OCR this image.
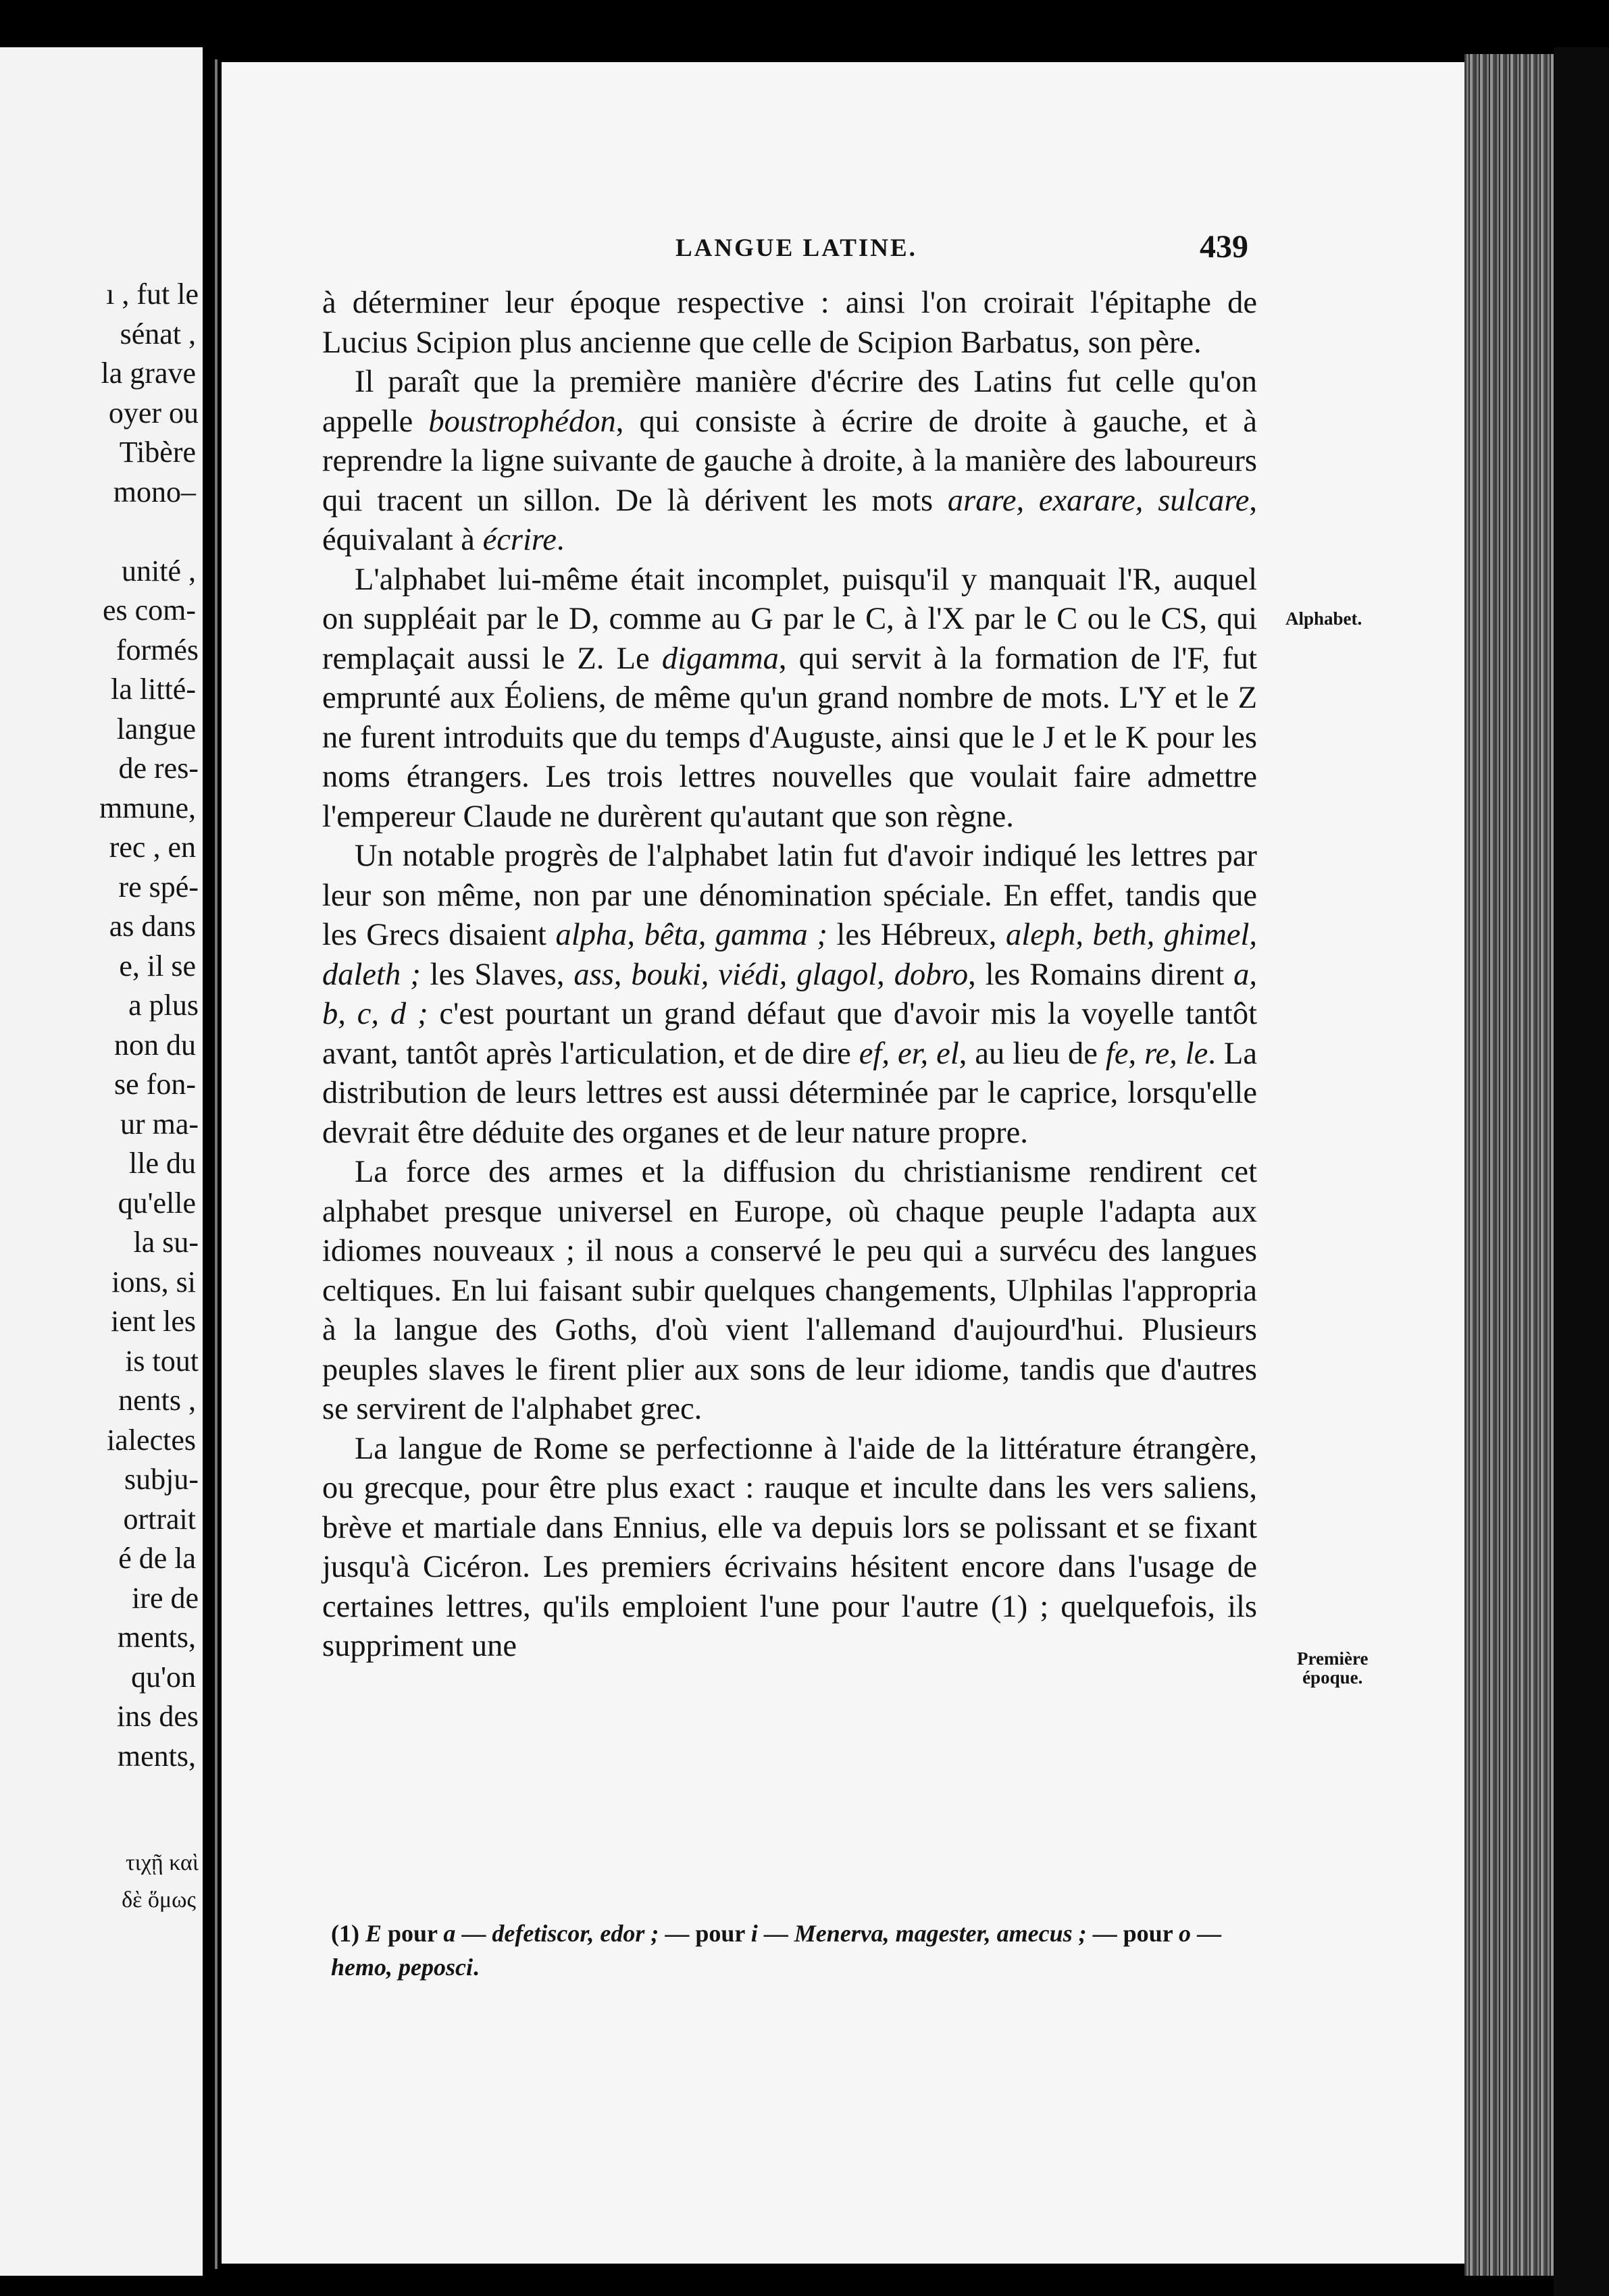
ı , fut le
sénat ,
la grave
oyer ou
Tibère
mono–
unité ,
es com-
formés
la litté-
langue
de res-
mmune,
rec , en
re spé-
as dans
e, il se
a plus
non du
se fon-
ur ma-
lle du
qu'elle
la su-
ions, si
ient les
is tout
nents ,
ialectes
subju-
ortrait
é de la
ire de
ments,
qu'on
ins des
ments,
τιχῇ καὶ
δὲ ὅμως
LANGUE LATINE.	439
Alphabet.
Première
époque.

à déterminer leur époque respective : ainsi l'on croirait l'épitaphe de Lucius Scipion plus ancienne que celle de Scipion Barbatus, son père.

Il paraît que la première manière d'écrire des Latins fut celle qu'on appelle boustrophédon, qui consiste à écrire de droite à gauche, et à reprendre la ligne suivante de gauche à droite, à la manière des laboureurs qui tracent un sillon. De là dérivent les mots arare, exarare, sulcare, équivalant à écrire.

L'alphabet lui-même était incomplet, puisqu'il y manquait l'R, auquel on suppléait par le D, comme au G par le C, à l'X par le C ou le CS, qui remplaçait aussi le Z. Le digamma, qui servit à la formation de l'F, fut emprunté aux Éoliens, de même qu'un grand nombre de mots. L'Y et le Z ne furent introduits que du temps d'Auguste, ainsi que le J et le K pour les noms étrangers. Les trois lettres nouvelles que voulait faire admettre l'empereur Claude ne durèrent qu'autant que son règne.

Un notable progrès de l'alphabet latin fut d'avoir indiqué les lettres par leur son même, non par une dénomination spéciale. En effet, tandis que les Grecs disaient alpha, bêta, gamma ; les Hébreux, aleph, beth, ghimel, daleth ; les Slaves, ass, bouki, viédi, glagol, dobro, les Romains dirent a, b, c, d ; c'est pourtant un grand défaut que d'avoir mis la voyelle tantôt avant, tantôt après l'articulation, et de dire ef, er, el, au lieu de fe, re, le. La distribution de leurs lettres est aussi déterminée par le caprice, lorsqu'elle devrait être déduite des organes et de leur nature propre.

La force des armes et la diffusion du christianisme rendirent cet alphabet presque universel en Europe, où chaque peuple l'adapta aux idiomes nouveaux ; il nous a conservé le peu qui a survécu des langues celtiques. En lui faisant subir quelques changements, Ulphilas l'appropria à la langue des Goths, d'où vient l'allemand d'aujourd'hui. Plusieurs peuples slaves le firent plier aux sons de leur idiome, tandis que d'autres se servirent de l'alphabet grec.

La langue de Rome se perfectionne à l'aide de la littérature étrangère, ou grecque, pour être plus exact : rauque et inculte dans les vers saliens, brève et martiale dans Ennius, elle va depuis lors se polissant et se fixant jusqu'à Cicéron. Les premiers écrivains hésitent encore dans l'usage de certaines lettres, qu'ils emploient l'une pour l'autre (1) ; quelquefois, ils suppriment une

(1) E pour a — defetiscor, edor ; — pour i — Menerva, magester, amecus ; — pour o — hemo, peposci.
